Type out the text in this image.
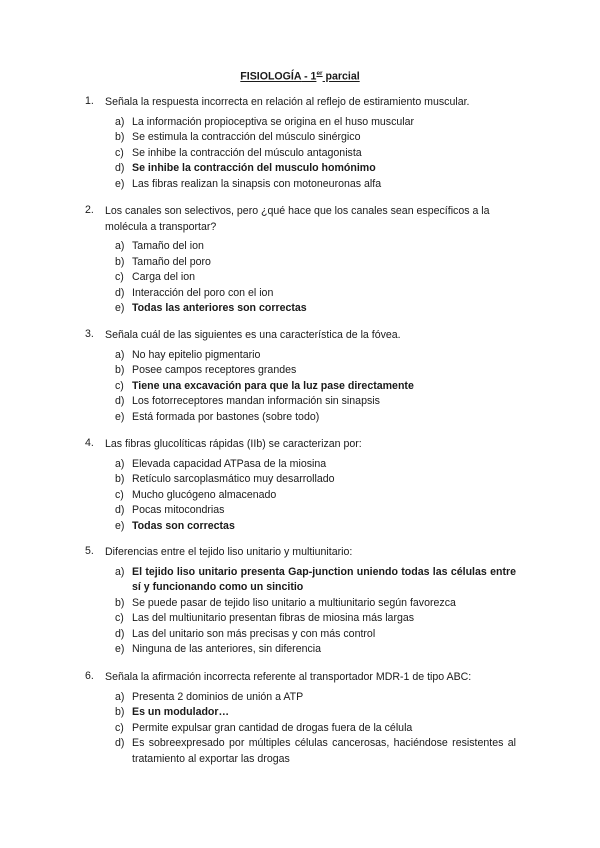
FISIOLOGÍA - 1er parcial
1.	Señala la respuesta incorrecta en relación al reflejo de estiramiento muscular.
a) La información propioceptiva se origina en el huso muscular
b) Se estimula la contracción del músculo sinérgico
c) Se inhibe la contracción del músculo antagonista
d) Se inhibe la contracción del musculo homónimo
e) Las fibras realizan la sinapsis con motoneuronas alfa
2.	Los canales son selectivos, pero ¿qué hace que los canales sean específicos a la molécula a transportar?
a) Tamaño del ion
b) Tamaño del poro
c) Carga del ion
d) Interacción del poro con el ion
e) Todas las anteriores son correctas
3.	Señala cuál de las siguientes es una característica de la fóvea.
a) No hay epitelio pigmentario
b) Posee campos receptores grandes
c) Tiene una excavación para que la luz pase directamente
d) Los fotorreceptores mandan información sin sinapsis
e) Está formada por bastones (sobre todo)
4.	Las fibras glucolíticas rápidas (IIb) se caracterizan por:
a) Elevada capacidad ATPasa de la miosina
b) Retículo sarcoplasmático muy desarrollado
c) Mucho glucógeno almacenado
d) Pocas mitocondrias
e) Todas son correctas
5.	Diferencias entre el tejido liso unitario y multiunitario:
a) El tejido liso unitario presenta Gap-junction uniendo todas las células entre sí y funcionando como un sincitio
b) Se puede pasar de tejido liso unitario a multiunitario según favorezca
c) Las del multiunitario presentan fibras de miosina más largas
d) Las del unitario son más precisas y con más control
e) Ninguna de las anteriores, sin diferencia
6.	Señala la afirmación incorrecta referente al transportador MDR-1 de tipo ABC:
a) Presenta 2 dominios de unión a ATP
b) Es un modulador…
c) Permite expulsar gran cantidad de drogas fuera de la célula
d) Es sobreexpresado por múltiples células cancerosas, haciéndose resistentes al tratamiento al exportar las drogas
